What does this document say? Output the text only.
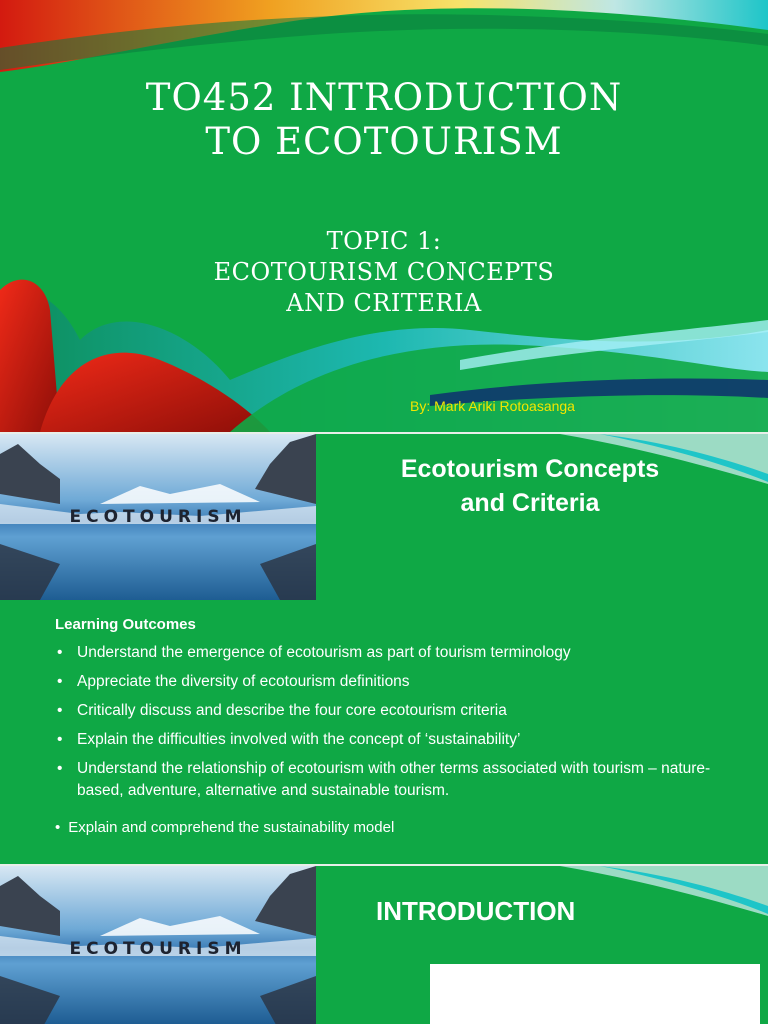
TO452 INTRODUCTION
TO ECOTOURISM
TOPIC 1:
ECOTOURISM CONCEPTS
AND CRITERIA
By: Mark Ariki Rotoasanga
ECOTOURISM
Ecotourism Concepts
and Criteria
Learning Outcomes
• Understand the emergence of ecotourism as part of tourism terminology
• Appreciate the diversity of ecotourism definitions
• Critically discuss and describe the four core ecotourism criteria
• Explain the difficulties involved with the concept of ‘sustainability’
• Understand the relationship of ecotourism with other terms associated with tourism – nature-based, adventure, alternative and sustainable tourism.
• Explain and comprehend the sustainability model
ECOTOURISM
INTRODUCTION
